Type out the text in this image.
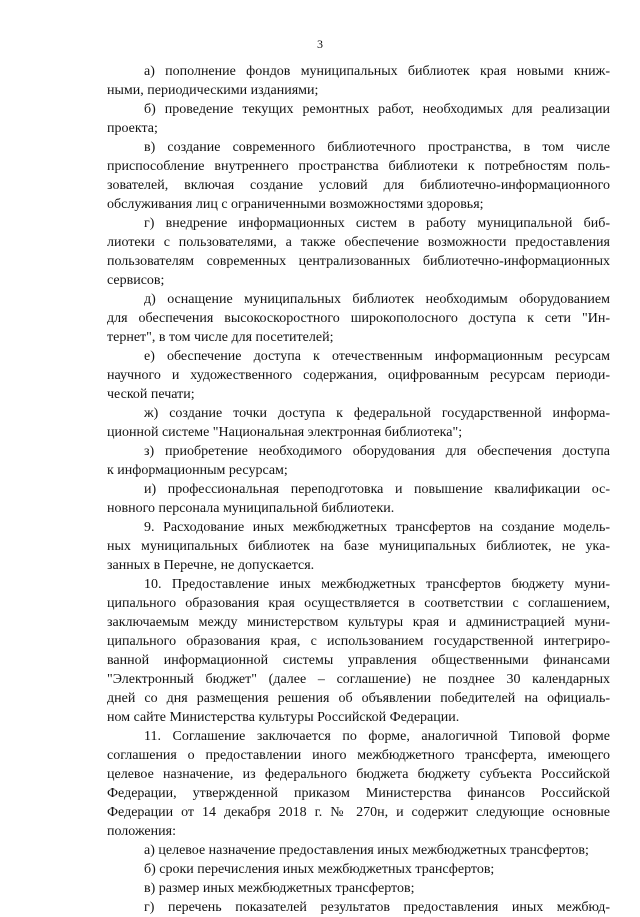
3
а) пополнение фондов муниципальных библиотек края новыми книж-
ными, периодическими изданиями;
б) проведение текущих ремонтных работ, необходимых для реализации
проекта;
в) создание современного библиотечного пространства, в том числе
приспособление внутреннего пространства библиотеки к потребностям поль-
зователей, включая создание условий для библиотечно-информационного
обслуживания лиц с ограниченными возможностями здоровья;
г) внедрение информационных систем в работу муниципальной биб-
лиотеки с пользователями, а также обеспечение возможности предоставления
пользователям современных централизованных библиотечно-информационных
сервисов;
д) оснащение муниципальных библиотек необходимым оборудованием
для обеспечения высокоскоростного широкополосного доступа к сети "Ин-
тернет", в том числе для посетителей;
е) обеспечение доступа к отечественным информационным ресурсам
научного и художественного содержания, оцифрованным ресурсам периоди-
ческой печати;
ж) создание точки доступа к федеральной государственной информа-
ционной системе "Национальная электронная библиотека";
з) приобретение необходимого оборудования для обеспечения доступа
к информационным ресурсам;
и) профессиональная переподготовка и повышение квалификации ос-
новного персонала муниципальной библиотеки.
9. Расходование иных межбюджетных трансфертов на создание модель-
ных муниципальных библиотек на базе муниципальных библиотек, не ука-
занных в Перечне, не допускается.
10. Предоставление иных межбюджетных трансфертов бюджету муни-
ципального образования края осуществляется в соответствии с соглашением,
заключаемым между министерством культуры края и администрацией муни-
ципального образования края, с использованием государственной интегриро-
ванной информационной системы управления общественными финансами
"Электронный бюджет" (далее – соглашение) не позднее 30 календарных
дней со дня размещения решения об объявлении победителей на официаль-
ном сайте Министерства культуры Российской Федерации.
11. Соглашение заключается по форме, аналогичной Типовой форме
соглашения о предоставлении иного межбюджетного трансферта, имеющего
целевое назначение, из федерального бюджета бюджету субъекта Российской
Федерации, утвержденной приказом Министерства финансов Российской
Федерации от 14 декабря 2018 г. № 270н, и содержит следующие основные
положения:
а) целевое назначение предоставления иных межбюджетных трансфертов;
б) сроки перечисления иных межбюджетных трансфертов;
в) размер иных межбюджетных трансфертов;
г) перечень показателей результатов предоставления иных межбюд-
